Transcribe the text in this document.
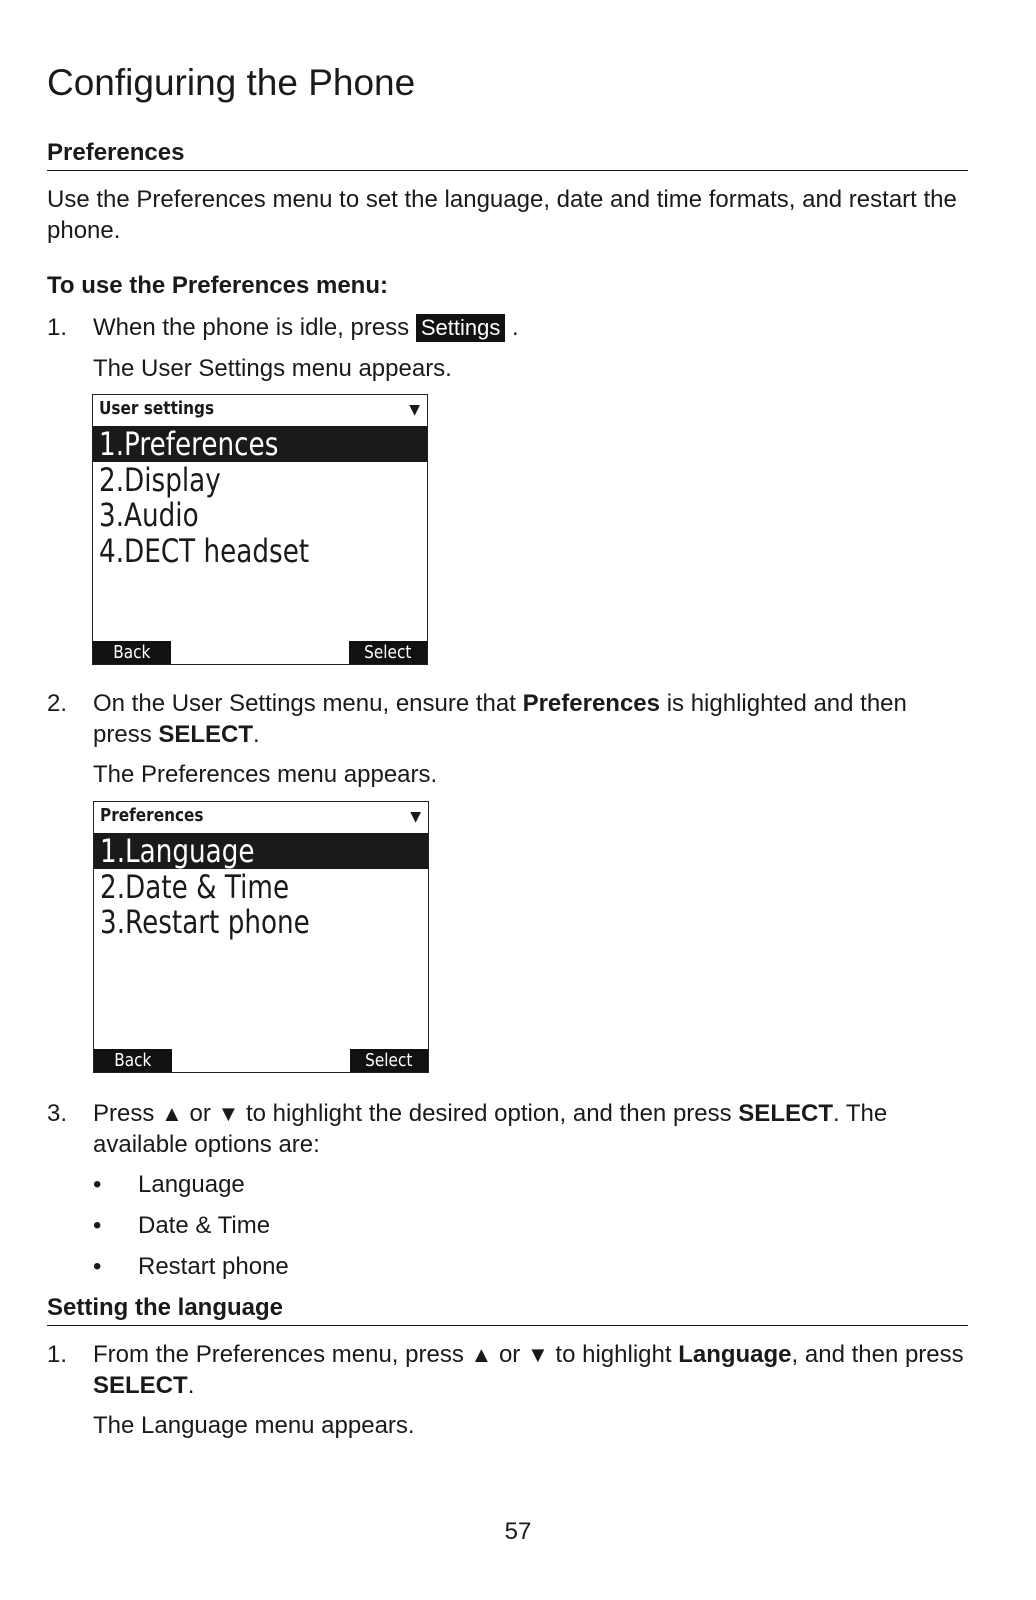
Configuring the Phone
Preferences
Use the Preferences menu to set the language, date and time formats, and restart the phone.
To use the Preferences menu:
1. When the phone is idle, press Settings .
The User Settings menu appears.
User settings	▼
1.Preferences
2.Display
3.Audio
4.DECT headset
Back	Select
2. On the User Settings menu, ensure that Preferences is highlighted and then press SELECT.
The Preferences menu appears.
Preferences	▼
1.Language
2.Date & Time
3.Restart phone
Back	Select
3. Press ▲ or ▼ to highlight the desired option, and then press SELECT. The available options are:
• Language
• Date & Time
• Restart phone
Setting the language
1. From the Preferences menu, press ▲ or ▼ to highlight Language, and then press SELECT.
The Language menu appears.
57
